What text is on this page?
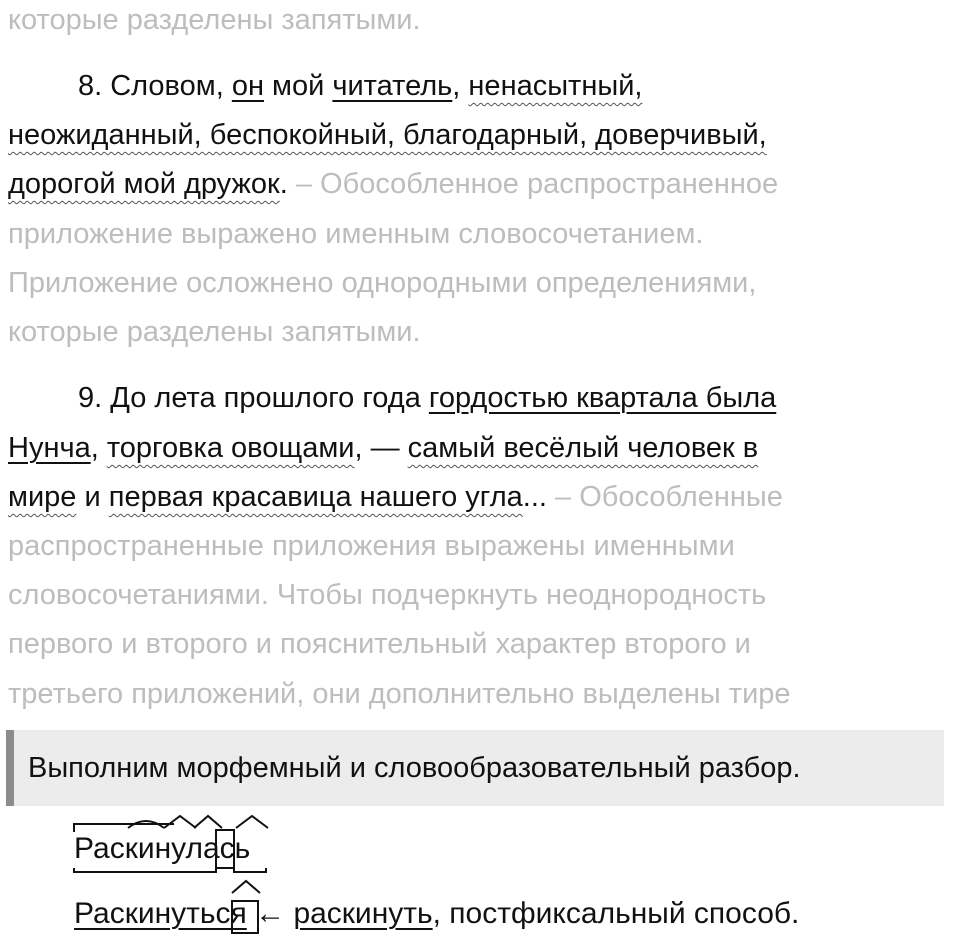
которые разделены запятыми.
8. Словом, он мой читатель, ненасытный,
неожиданный, беспокойный, благодарный, доверчивый,
дорогой мой дружок. – Обособленное распространенное
приложение выражено именным словосочетанием.
Приложение осложнено однородными определениями,
которые разделены запятыми.
9. До лета прошлого года гордостью квартала была
Нунча, торговка овощами, — самый весёлый человек в
мире и первая красавица нашего угла... – Обособленные
распространенные приложения выражены именными
словосочетаниями. Чтобы подчеркнуть неоднородность
первого и второго и пояснительный характер второго и
третьего приложений, они дополнительно выделены тире
Выполним морфемный и словообразовательный разбор.
Раскинулась
Раскинуться ← раскинуть, постфиксальный способ.
